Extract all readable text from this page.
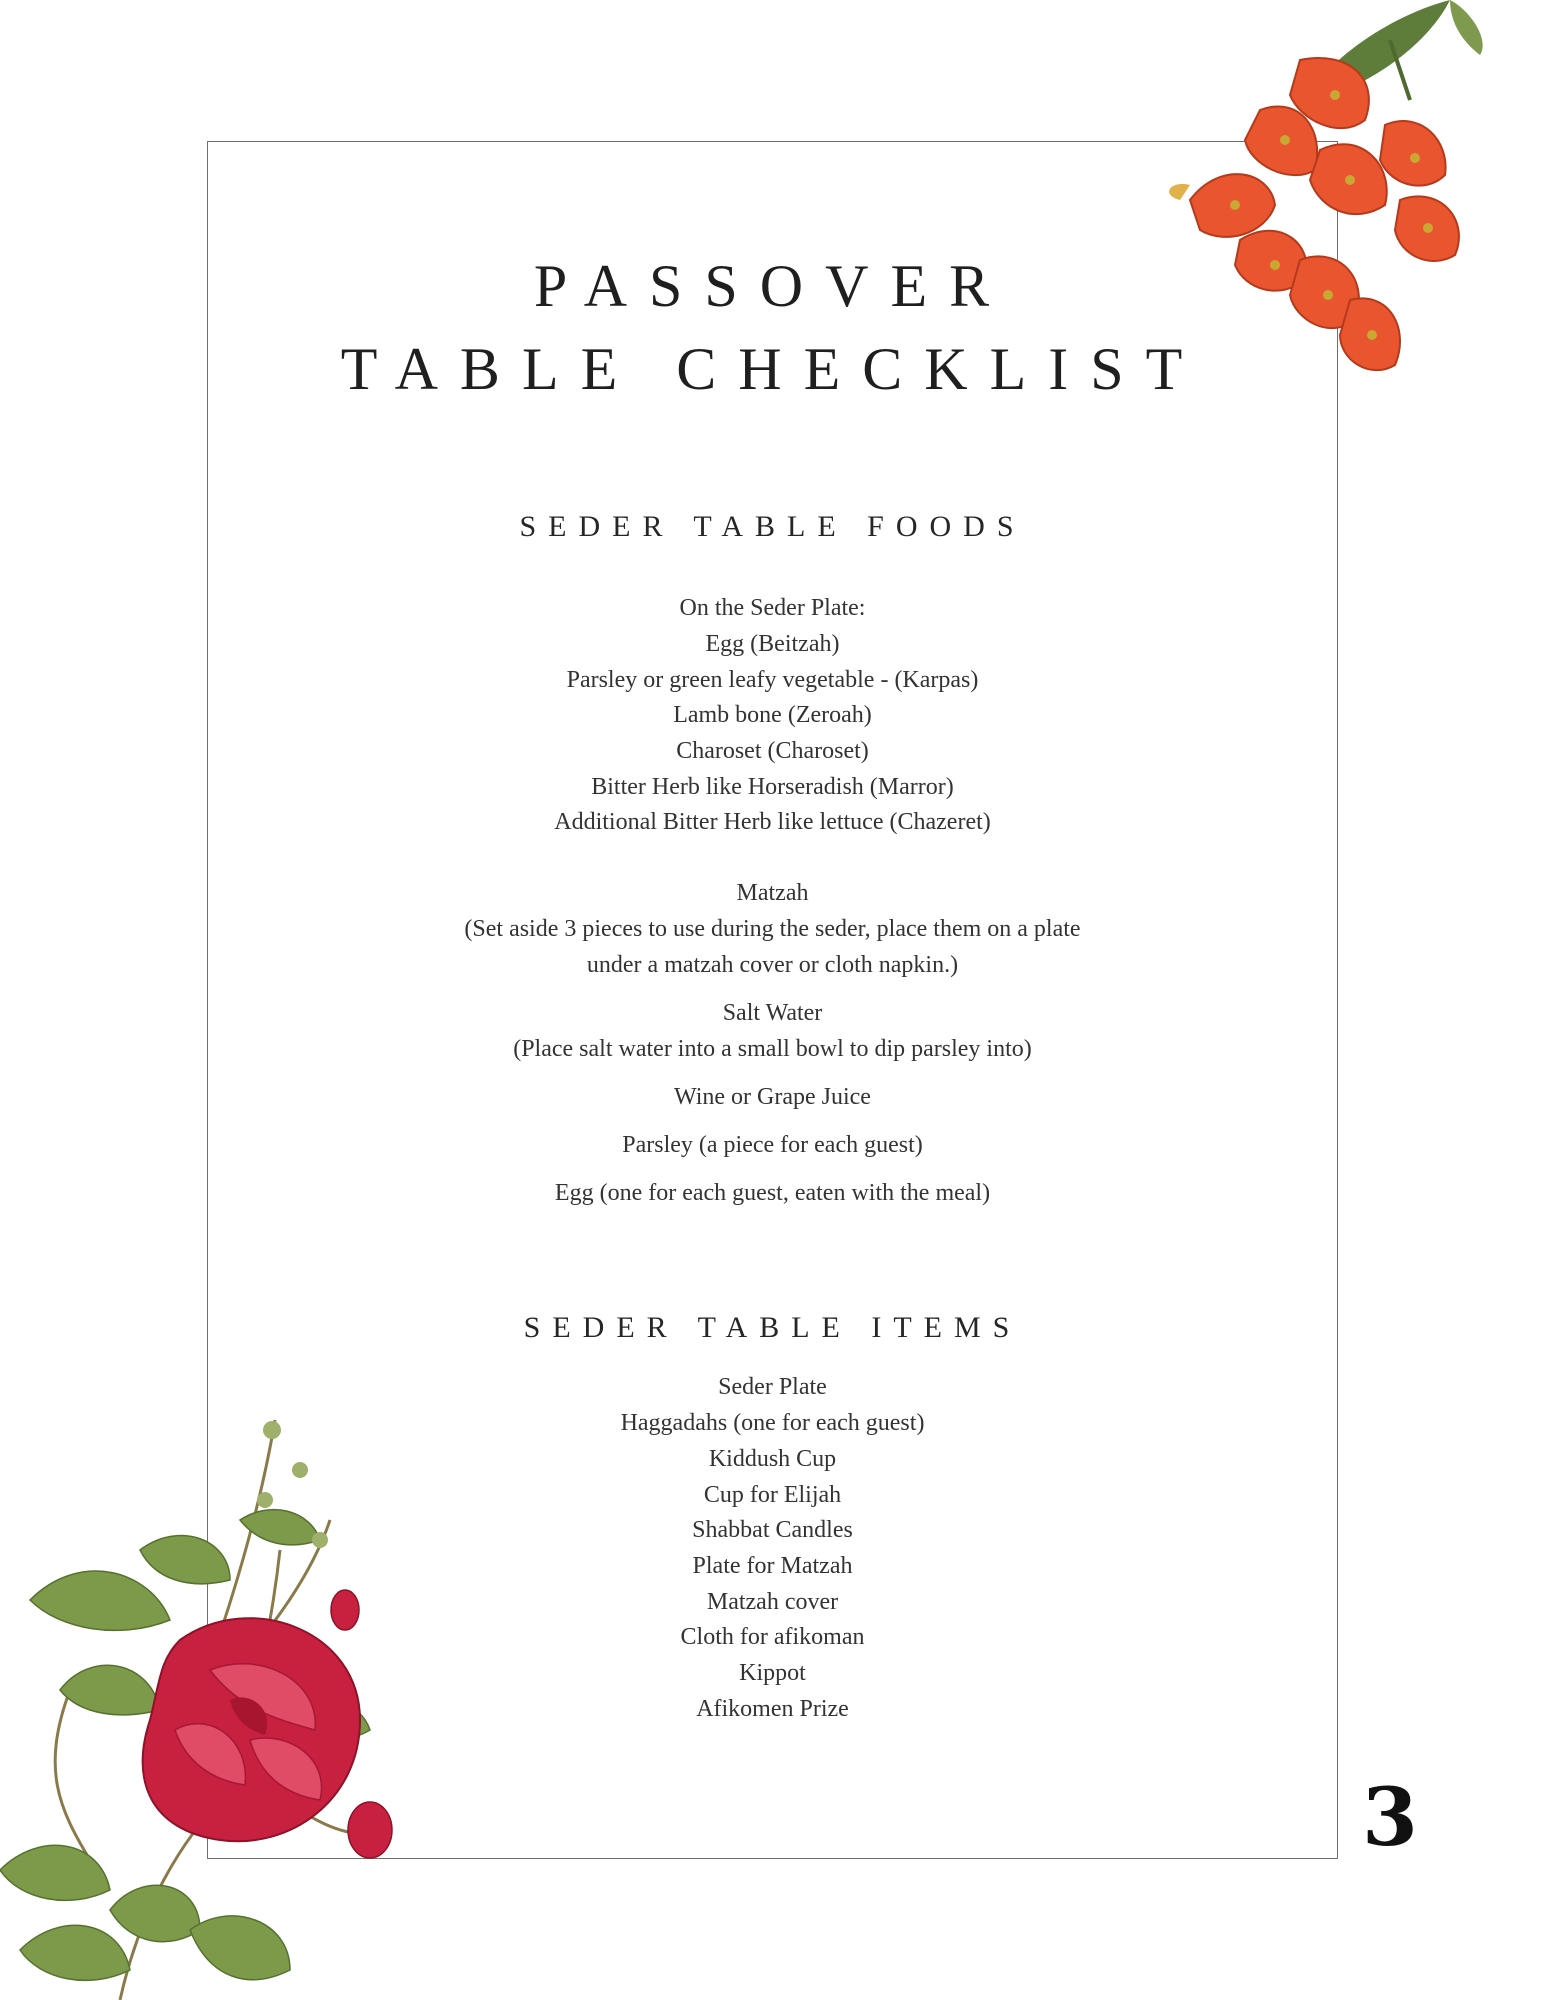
PASSOVER
TABLE CHECKLIST
SEDER TABLE FOODS
On the Seder Plate:
Egg (Beitzah)
Parsley or green leafy vegetable - (Karpas)
Lamb bone (Zeroah)
Charoset (Charoset)
Bitter Herb like Horseradish (Marror)
Additional Bitter Herb like lettuce (Chazeret)
Matzah
(Set aside 3 pieces to use during the seder, place them on a plate
under a matzah cover or cloth napkin.)
Salt Water
(Place salt water into a small bowl to dip parsley into)
Wine or Grape Juice
Parsley (a piece for each guest)
Egg (one for each guest, eaten with the meal)
SEDER TABLE ITEMS
Seder Plate
Haggadahs (one for each guest)
Kiddush Cup
Cup for Elijah
Shabbat Candles
Plate for Matzah
Matzah cover
Cloth for afikoman
Kippot
Afikomen Prize
3
